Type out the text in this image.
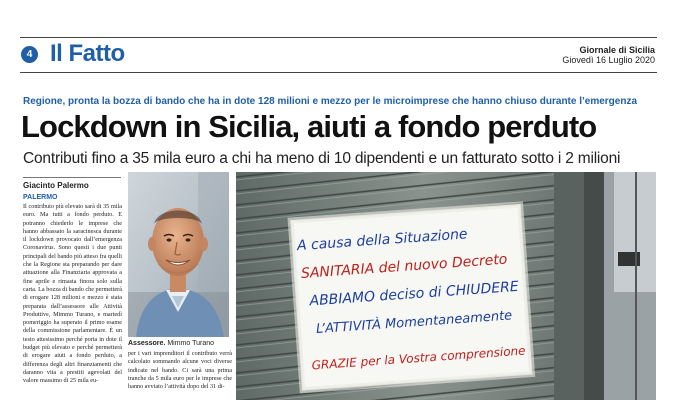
4 Il Fatto	Giornale di Sicilia
Giovedì 16 Luglio 2020
Regione, pronta la bozza di bando che ha in dote 128 milioni e mezzo per le microimprese che hanno chiuso durante l’emergenza
Lockdown in Sicilia, aiuti a fondo perduto
Contributi fino a 35 mila euro a chi ha meno di 10 dipendenti e un fatturato sotto i 2 milioni
Giacinto Palermo
PALERMO

Il contributo più elevato sarà di 35 mila euro. Ma tutti a fondo perduto. E potranno chiederlo le imprese che hanno abbassato la saracinesca durante il lockdown provocato dall’emergenza Coronavirus. Sono questi i due punti principali del bando più atteso fra quelli che la Regione sta preparando per dare attuazione alla Finanziaria approvata a fine aprile e rimasta finora solo sulla carta. La bozza di bando che permetterà di erogare 128 milioni e mezzo è stata preparata dall’assessore alle Attività Produttive, Mimmo Turano, e martedì pomeriggio ha superato il primo esame della commissione parlamentare. È un testo attesissimo perché porta in dote il budget più elevato e perché permetterà di erogare aiuti a fondo perduto, a differenza degli altri finanziamenti che daranno vita a prestiti agevolati del valore massimo di 25 mila eu-

Assessore. Mimmo Turano

per i vari imprenditori il contributo verrà calcolato sommando alcune voci diverse indicate nel bando. Ci sarà una prima tranche da 5 mila euro per le imprese che hanno avviato l’attività dopo del 31 di-

A causa della Situazione
SANITARIA del nuovo Decreto
ABBIAMO deciso di CHIUDERE
L’ATTIVITÀ Momentaneamente
GRAZIE per la Vostra comprensione
